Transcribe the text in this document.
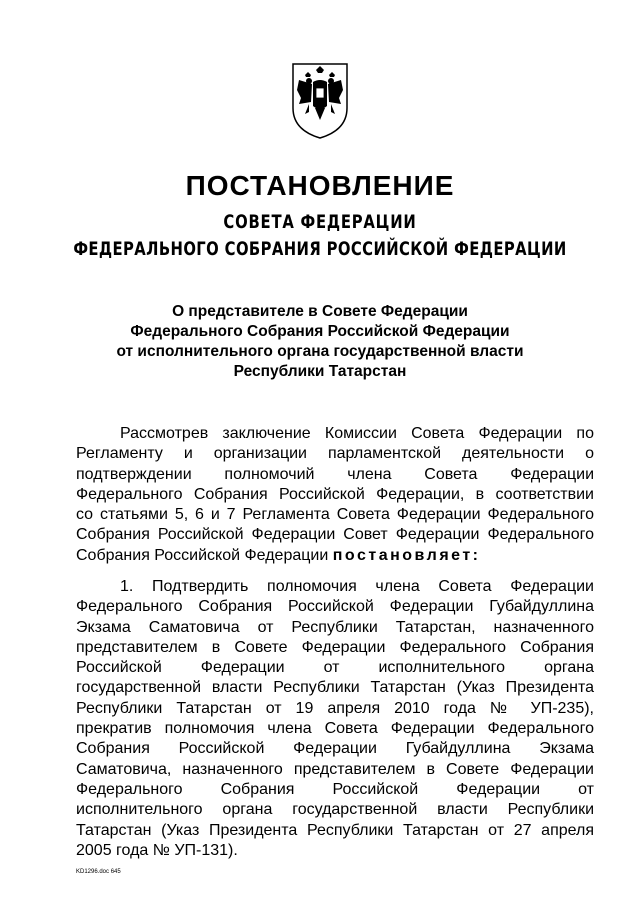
ПОСТАНОВЛЕНИЕ
СОВЕТА ФЕДЕРАЦИИ
ФЕДЕРАЛЬНОГО СОБРАНИЯ РОССИЙСКОЙ ФЕДЕРАЦИИ
О представителе в Совете Федерации
Федерального Собрания Российской Федерации
от исполнительного органа государственной власти
Республики Татарстан
Рассмотрев заключение Комиссии Совета Федерации по
Регламенту и организации парламентской деятельности о
подтверждении полномочий члена Совета Федерации
Федерального Собрания Российской Федерации, в соответствии
со статьями 5, 6 и 7 Регламента Совета Федерации Федерального
Собрания Российской Федерации Совет Федерации Федерального
Собрания Российской Федерации постановляет:
1. Подтвердить полномочия члена Совета Федерации
Федерального Собрания Российской Федерации Губайдуллина
Экзама Саматовича от Республики Татарстан, назначенного
представителем в Совете Федерации Федерального Собрания
Российской Федерации от исполнительного органа
государственной власти Республики Татарстан (Указ Президента
Республики Татарстан от 19 апреля 2010 года № УП-235),
прекратив полномочия члена Совета Федерации Федерального
Собрания Российской Федерации Губайдуллина Экзама
Саматовича, назначенного представителем в Совете Федерации
Федерального Собрания Российской Федерации от
исполнительного органа государственной власти Республики
Татарстан (Указ Президента Республики Татарстан от 27 апреля
2005 года № УП-131).
KD1296.doc 645
